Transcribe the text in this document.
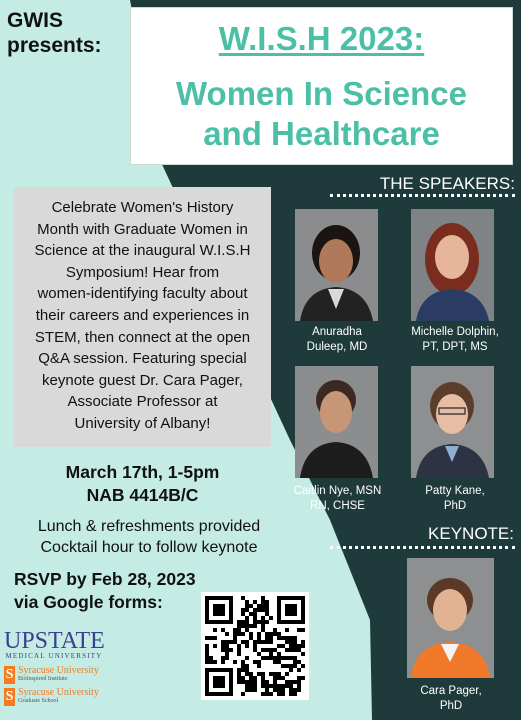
GWIS
presents:	W.I.S.H 2023:
Women In Science
and Healthcare
THE SPEAKERS:
Celebrate Women's History
Month with Graduate Women in
Science at the inaugural W.I.S.H
Symposium! Hear from
women-identifying faculty about
their careers and experiences in
STEM, then connect at the open
Q&A session. Featuring special
keynote guest Dr. Cara Pager,
Associate Professor at
University of Albany!
Anuradha
Duleep, MD
Michelle Dolphin,
PT, DPT, MS
Caitlin Nye, MSN
RN, CHSE
Patty Kane,
PhD
KEYNOTE:
Cara Pager,
PhD
March 17th, 1-5pm
NAB 4414B/C
Lunch & refreshments provided
Cocktail hour to follow keynote
RSVP by Feb 28, 2023
via Google forms:
UPSTATE
MEDICAL UNIVERSITY
S Syracuse University
BioInspired Institute
S Syracuse University
Graduate School
